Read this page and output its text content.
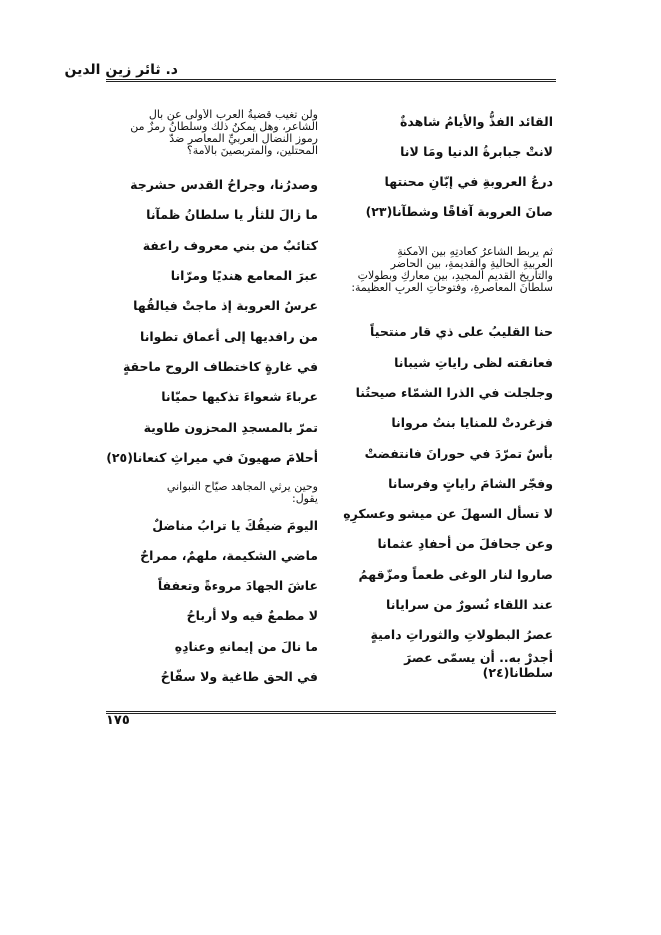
د. ثائر زين الدين
القائد الفذُّ والأيامُ شاهدةٌ
لانتْ جبابرةُ الدنيا ومَا لانا
درعُ العروبةِ في إبّانِ محنتها
صانَ العروبة آفاقًا وشطآنا(٢٣)
ثم يربطُ الشاعرُ كعادتِهِ بين الأمكنةِ
العربيةِ الحاليةِ والقديمةِ، بين الحاضرِ
والتاريخِ القديمِ المجيدِ، بين معاركِ وبطولاتِ
سلطانَ المعاصرةِ، وفتوحاتِ العربِ العظيمة:
حنا القليبُ على ذي قار منتحياً
فعانقته لظى راياتِ شيبانا
وجلجلت في الذرا الشمّاء صيحتُنا
فزغردتْ للمنايا بنتُ مروانا
بأسٌ تمرّدَ في حورانَ فانتفضتْ
وفجّر الشامَ راياتٍ وفرسانا
لا تسأل السهلَ عن ميشو وعسكرِهِ
وعن جحافلَ من أحفادِ عثمانا
صاروا لنار الوغى طعماً ومزّقهمُ
عند اللقاء نُسورٌ من سرايانا
عصرُ البطولاتِ والثوراتِ داميةٍ
أجدرْ به.. أن يسمّى عصرَ
سلطانا(٢٤)
ولن تغيب قضيةُ العرب الأولى عن بال
الشاعر، وهل يمكنُ ذلك وسلطانُ رمزٌ من
رموزِ النضالِ العربيِّ المعاصر ضدّ
المحتلين، والمتربصينَ بالأمة؟
وصدرُنا، وجراحُ القدس حشرجة
ما زالَ للثأر يا سلطانُ ظمآنا
كتائبٌ من بني معروف راعفة
عبرَ المعامع هنديًا ومرّانا
عرسُ العروبة إذ ماجتْ فيالقُها
من رافديها إلى أعماق تطوانا
في غارةٍ كاختطاف الروح ماحقةٍ
عرباءَ شعواءَ تذكيها حميّانا
تمرّ بالمسجدِ المحزون طاوية
أحلامَ صهيونَ في ميراثِ كنعانا(٢٥)
وحين يرثي المجاهد صيّاح النبواني
يقول:
اليومَ ضيفُكَ يا ترابُ مناضلٌ
ماضي الشكيمة، ملهمٌ، ممراحٌ
عاشَ الجهادَ مروءةً وتعففاً
لا مطمعٌ فيه ولا أرباحُ
ما نالَ من إيمانهِ وعنادِهِ
في الحق طاغية ولا سفّاحُ
١٧٥
